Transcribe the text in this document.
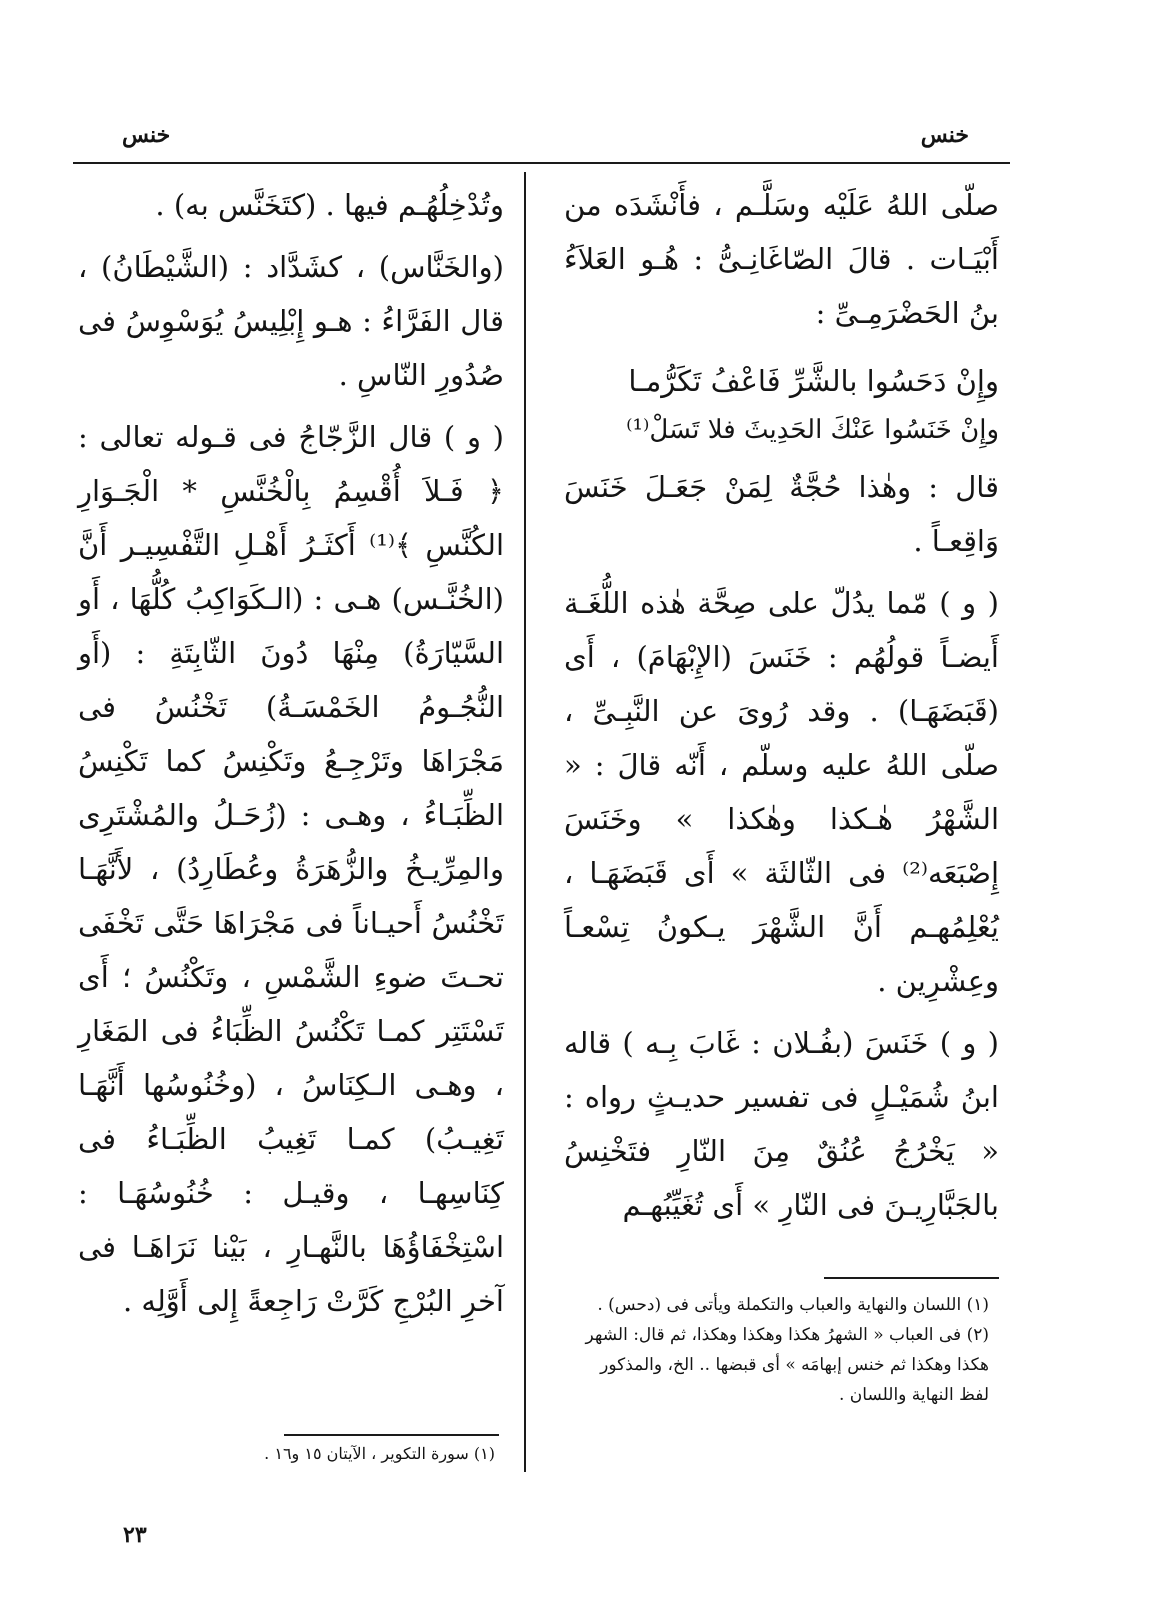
خنس
خنس

صلّى اللهُ عَلَيْه وسَلَّـم ، فأَنْشَدَه من أَبْيَـات . قالَ الصّاغَانِـىُّ : هُـو العَلاَءُ بنُ الحَضْرَمِـىِّ :

وإِنْ دَحَسُوا بالشَّرِّ فَاعْفُ تَكَرُّمـا

وإِنْ خَنَسُوا عَنْكَ الحَدِيثَ فلا تَسَلْ⁽¹⁾

قال : وهٰذا حُجَّةٌ لِمَنْ جَعَـلَ خَنَسَ وَاقِعـاً .

( و ) مّما يدُلّ على صِحَّة هٰذه اللُّغَـة أَيضـاً قولُهُم : خَنَسَ (الإِبْهَامَ) ، أَى (قَبَضَهَـا) . وقد رُوىَ عن النَّبِـىِّ ، صلّى اللهُ عليه وسلّم ، أَنّه قالَ : « الشَّهْرُ هٰـكذا وهٰكذا » وخَنَسَ إِصْبَعَه⁽²⁾ فى الثّالثَة » أَى قَبَضَهَـا ، يُعْلِمُهـم أَنَّ الشَّهْرَ يـكونُ تِسْعـاً وعِشْرِين .

( و ) خَنَسَ (بفُـلان : غَابَ بِـه ) قاله ابنُ شُمَيْـلٍ فى تفسير حديـثٍ رواه : « يَخْرُجُ عُنُقٌ مِنَ النّارِ فتَخْنِسُ بالجَبَّارِيـنَ فى النّارِ » أَى تُغَيِّبُهـم

(١) اللسان والنهاية والعباب والتكملة ويأتى فى (دحس) .

(٢) فى العباب « الشهرُ هكذا وهكذا وهكذا، ثم قال: الشهر هكذا وهكذا ثم خنس إبهامَه » أى قبضها .. الخ، والمذكور لفظ النهاية واللسان .

وتُدْخِلُهُـم فيها . (كتَخَنَّس به) .

(والخَنَّاس) ، كشَدَّاد : (الشَّيْطَانُ) ، قال الفَرَّاءُ : هـو إِبْلِيسُ يُوَسْوِسُ فى صُدُورِ النّاسِ .

( و ) قال الزَّجّاجُ فى قـوله تعالى : ﴿ فَـلاَ أُقْسِمُ بِالْخُنَّسِ * الْجَـوَارِ الكُنَّسِ ﴾⁽¹⁾ أَكثَـرُ أَهْـلِ التَّفْسِيـر أَنَّ (الخُنَّـس) هـى : (الـكَوَاكِبُ كُلُّهَا ، أَو السَّيّارَةُ) مِنْهَا دُونَ الثّابِتَةِ : (أَو النُّجُـومُ الخَمْسَـةُ) تَخْنُسُ فى مَجْرَاهَا وتَرْجِـعُ وتَكْنِسُ كما تَكْنِسُ الظِّبَـاءُ ، وهـى : (زُحَـلُ والمُشْتَرِى والمِرِّيـخُ والزُّهَرَةُ وعُطَارِدُ) ، لأَنَّهَـا تَخْنُسُ أَحيـاناً فى مَجْرَاهَا حَتَّى تَخْفَى تحـتَ ضوءِ الشَّمْسِ ، وتَكْنُسُ ؛ أَى تَسْتَتِر كمـا تَكْنُسُ الظِّبَاءُ فى المَغَارِ ، وهـى الـكِنَاسُ ، (وخُنُوسُها أَنَّهَـا تَغِيـبُ) كمـا تَغِيبُ الظِّبَـاءُ فى كِنَاسِهـا ، وقيـل : خُنُوسُهَـا : اسْتِخْفَاؤُهَا بالنَّهـارِ ، بَيْنا نَرَاهَـا فى آخرِ البُرْجِ كَرَّتْ رَاجِعةً إِلى أَوَّلِه .

(١) سورة التكوير ، الآيتان ١٥ و١٦ .
٢٣
